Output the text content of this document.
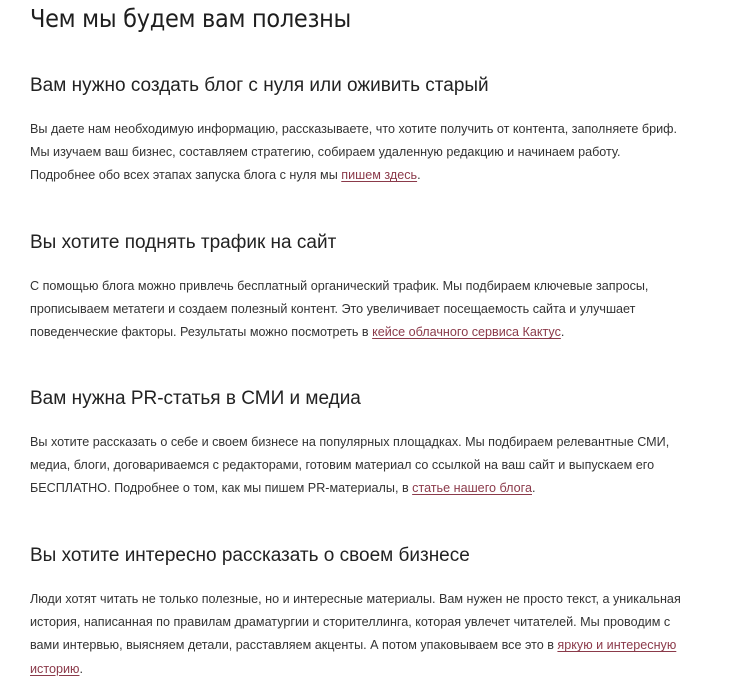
Чем мы будем вам полезны
Вам нужно создать блог с нуля или оживить старый

Вы даете нам необходимую информацию, рассказываете, что хотите получить от контента, заполняете бриф.
Мы изучаем ваш бизнес, составляем стратегию, собираем удаленную редакцию и начинаем работу.
Подробнее обо всех этапах запуска блога с нуля мы пишем здесь.

Вы хотите поднять трафик на сайт

С помощью блога можно привлечь бесплатный органический трафик. Мы подбираем ключевые запросы,
прописываем метатеги и создаем полезный контент. Это увеличивает посещаемость сайта и улучшает
поведенческие факторы. Результаты можно посмотреть в кейсе облачного сервиса Кактус.

Вам нужна PR-статья в СМИ и медиа

Вы хотите рассказать о себе и своем бизнесе на популярных площадках. Мы подбираем релевантные СМИ,
медиа, блоги, договариваемся с редакторами, готовим материал со ссылкой на ваш сайт и выпускаем его
БЕСПЛАТНО. Подробнее о том, как мы пишем PR-материалы, в статье нашего блога.

Вы хотите интересно рассказать о своем бизнесе

Люди хотят читать не только полезные, но и интересные материалы. Вам нужен не просто текст, а уникальная
история, написанная по правилам драматургии и сторителлинга, которая увлечет читателей. Мы проводим с
вами интервью, выясняем детали, расставляем акценты. А потом упаковываем все это в яркую и интересную
историю.
